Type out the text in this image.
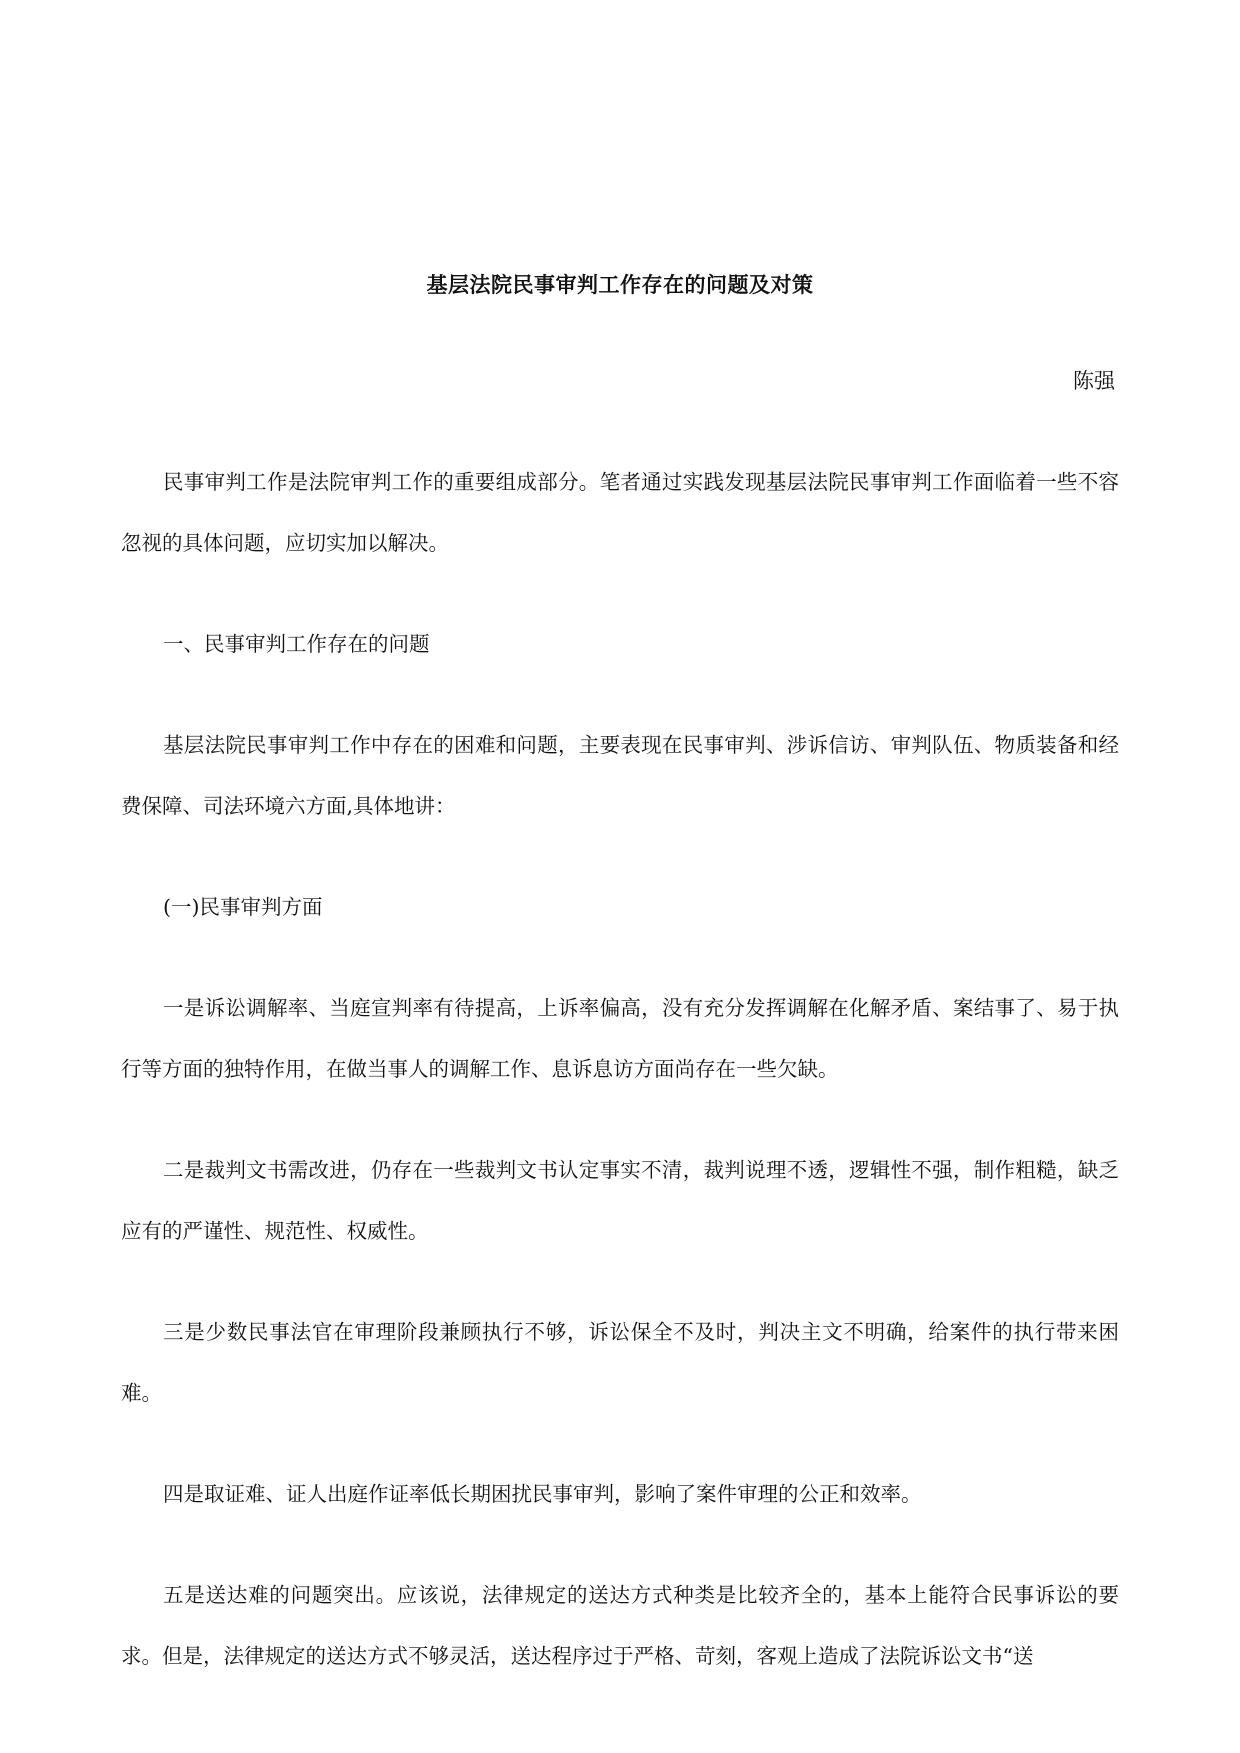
基层法院民事审判工作存在的问题及对策

陈强

民事审判工作是法院审判工作的重要组成部分。笔者通过实践发现基层法院民事审判工作面临着一些不容忽视的具体问题，应切实加以解决。

一、民事审判工作存在的问题

基层法院民事审判工作中存在的困难和问题，主要表现在民事审判、涉诉信访、审判队伍、物质装备和经费保障、司法环境六方面,具体地讲：

(一)民事审判方面

一是诉讼调解率、当庭宣判率有待提高，上诉率偏高，没有充分发挥调解在化解矛盾、案结事了、易于执行等方面的独特作用，在做当事人的调解工作、息诉息访方面尚存在一些欠缺。

二是裁判文书需改进，仍存在一些裁判文书认定事实不清，裁判说理不透，逻辑性不强，制作粗糙，缺乏应有的严谨性、规范性、权威性。

三是少数民事法官在审理阶段兼顾执行不够，诉讼保全不及时，判决主文不明确，给案件的执行带来困难。

四是取证难、证人出庭作证率低长期困扰民事审判，影响了案件审理的公正和效率。

五是送达难的问题突出。应该说，法律规定的送达方式种类是比较齐全的，基本上能符合民事诉讼的要求。但是，法律规定的送达方式不够灵活，送达程序过于严格、苛刻，客观上造成了法院诉讼文书“送
